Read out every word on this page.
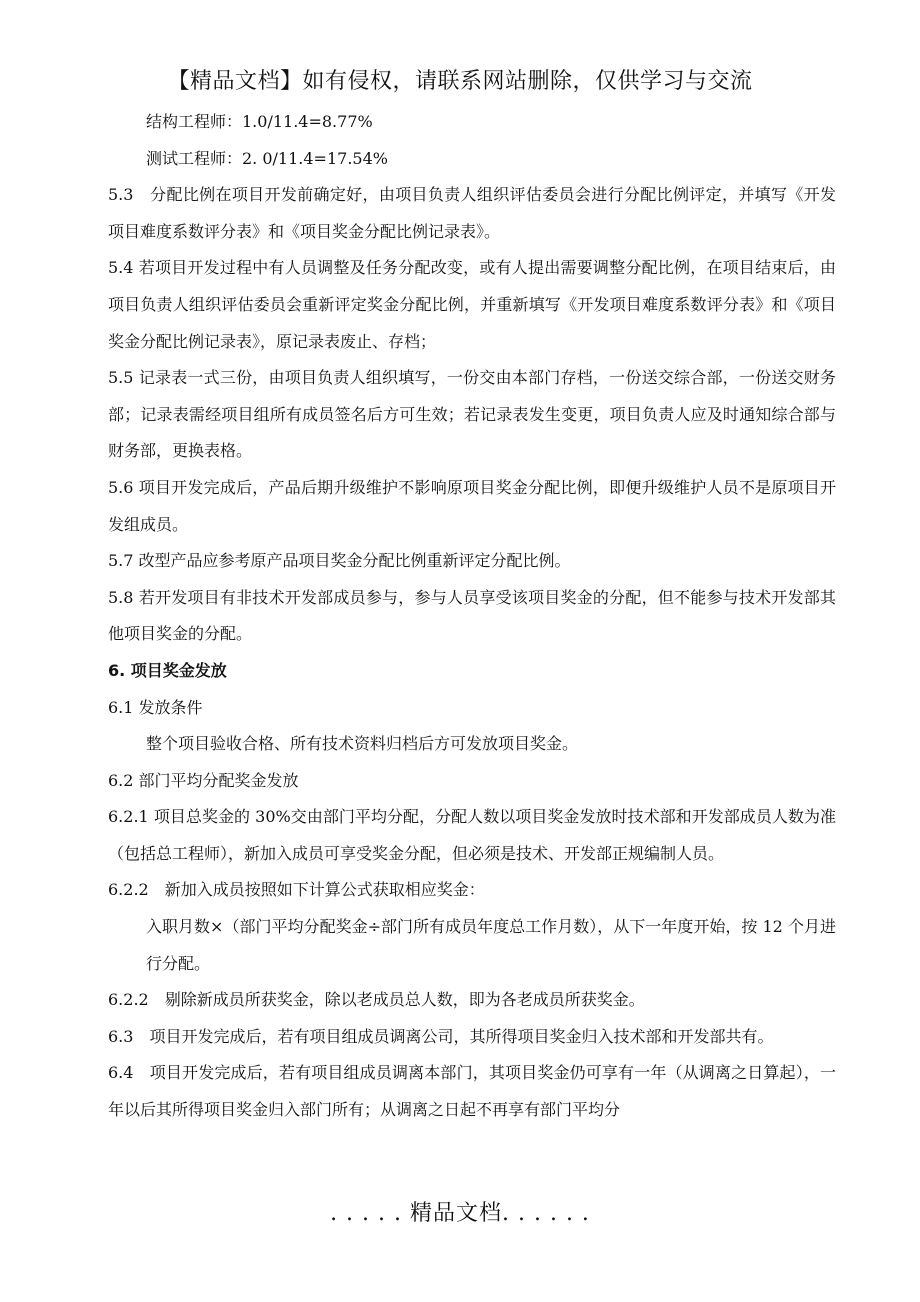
【精品文档】如有侵权，请联系网站删除，仅供学习与交流

结构工程师：1.0/11.4=8.77%

测试工程师：2. 0/11.4=17.54%

5.3　分配比例在项目开发前确定好，由项目负责人组织评估委员会进行分配比例评定，并填写《开发项目难度系数评分表》和《项目奖金分配比例记录表》。

5.4 若项目开发过程中有人员调整及任务分配改变，或有人提出需要调整分配比例，在项目结束后，由项目负责人组织评估委员会重新评定奖金分配比例，并重新填写《开发项目难度系数评分表》和《项目奖金分配比例记录表》，原记录表废止、存档；

5.5 记录表一式三份，由项目负责人组织填写，一份交由本部门存档，一份送交综合部，一份送交财务部；记录表需经项目组所有成员签名后方可生效；若记录表发生变更，项目负责人应及时通知综合部与财务部，更换表格。

5.6 项目开发完成后，产品后期升级维护不影响原项目奖金分配比例，即便升级维护人员不是原项目开发组成员。

5.7 改型产品应参考原产品项目奖金分配比例重新评定分配比例。

5.8 若开发项目有非技术开发部成员参与，参与人员享受该项目奖金的分配，但不能参与技术开发部其他项目奖金的分配。

6. 项目奖金发放

6.1 发放条件

整个项目验收合格、所有技术资料归档后方可发放项目奖金。

6.2 部门平均分配奖金发放

6.2.1 项目总奖金的 30%交由部门平均分配，分配人数以项目奖金发放时技术部和开发部成员人数为准（包括总工程师），新加入成员可享受奖金分配，但必须是技术、开发部正规编制人员。

6.2.2　新加入成员按照如下计算公式获取相应奖金：

入职月数×（部门平均分配奖金÷部门所有成员年度总工作月数），从下一年度开始，按 12 个月进行分配。

6.2.2　剔除新成员所获奖金，除以老成员总人数，即为各老成员所获奖金。

6.3　项目开发完成后，若有项目组成员调离公司，其所得项目奖金归入技术部和开发部共有。

6.4　项目开发完成后，若有项目组成员调离本部门，其项目奖金仍可享有一年（从调离之日算起），一年以后其所得项目奖金归入部门所有；从调离之日起不再享有部门平均分

. . . . . 精品文档. . . . . .
